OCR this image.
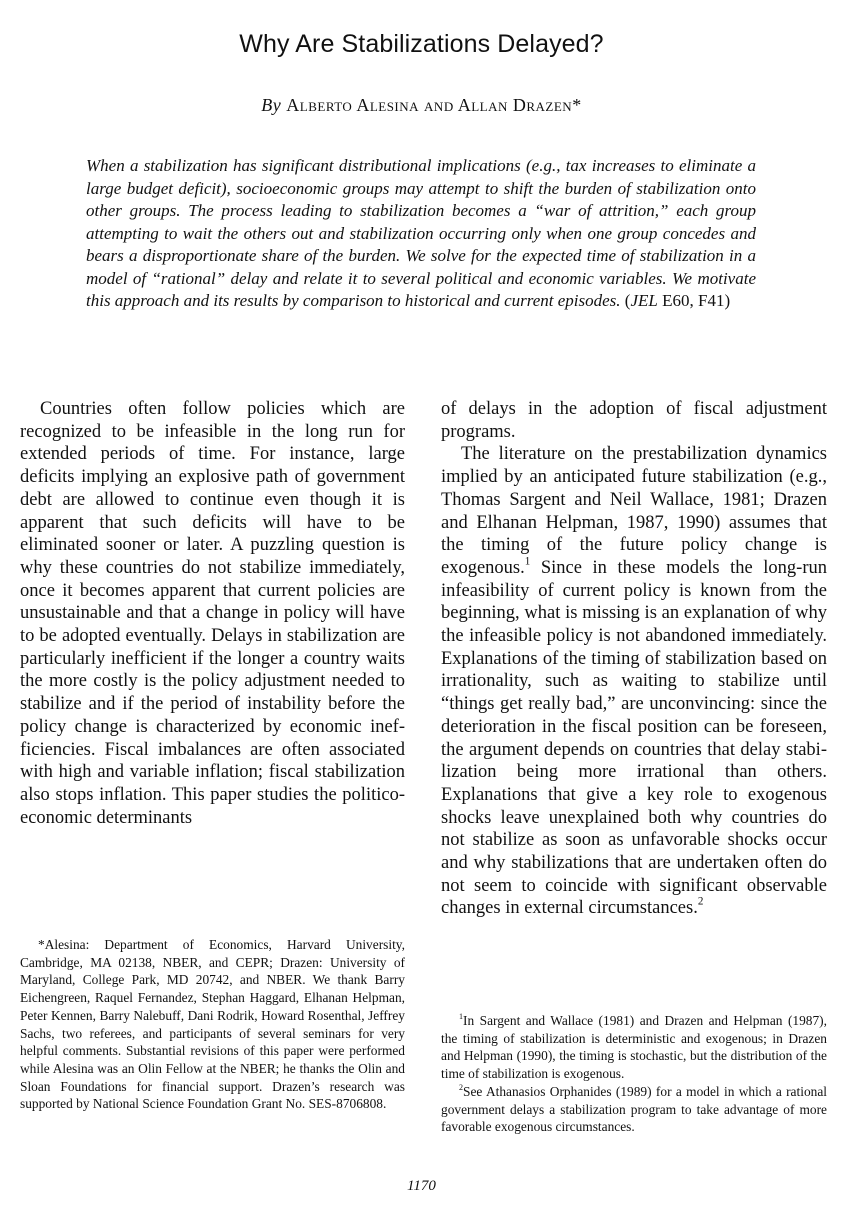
Why Are Stabilizations Delayed?
By Alberto Alesina and Allan Drazen*
When a stabilization has significant distributional implications (e.g., tax increases to eliminate a large budget deficit), socioeconomic groups may attempt to shift the burden of stabilization onto other groups. The process leading to stabilization becomes a “war of attrition,” each group attempting to wait the others out and stabilization occurring only when one group concedes and bears a disproportionate share of the burden. We solve for the expected time of stabilization in a model of “rational” delay and relate it to several political and economic variables. We motivate this approach and its results by comparison to historical and current episodes. (JEL E60, F41)

Countries often follow policies which are recognized to be infeasible in the long run for extended periods of time. For instance, large deficits implying an explosive path of government debt are allowed to continue even though it is apparent that such deficits will have to be eliminated sooner or later. A puzzling question is why these countries do not stabilize immediately, once it becomes apparent that current policies are unsustainable and that a change in policy will have to be adopted eventually. Delays in stabilization are particularly inefficient if the longer a country waits the more costly is the policy adjustment needed to stabilize and if the period of instability before the policy change is characterized by economic inefficiencies. Fiscal imbalances are often associated with high and variable inflation; fiscal stabilization also stops inflation. This paper studies the politico-economic determinants

of delays in the adoption of fiscal adjustment programs.

The literature on the prestabilization dynamics implied by an anticipated future stabilization (e.g., Thomas Sargent and Neil Wallace, 1981; Drazen and Elhanan Helpman, 1987, 1990) assumes that the timing of the future policy change is exogenous.$^1$ Since in these models the long-run infeasibility of current policy is known from the beginning, what is missing is an explanation of why the infeasible policy is not abandoned immediately. Explanations of the timing of stabilization based on irrationality, such as waiting to stabilize until “things get really bad,” are unconvincing: since the deterioration in the fiscal position can be foreseen, the argument depends on countries that delay stabilization being more irrational than others. Explanations that give a key role to exogenous shocks leave unexplained both why countries do not stabilize as soon as unfavorable shocks occur and why stabilizations that are undertaken often do not seem to coincide with significant observable changes in external circumstances.$^2$

*Alesina: Department of Economics, Harvard University, Cambridge, MA 02138, NBER, and CEPR; Drazen: University of Maryland, College Park, MD 20742, and NBER. We thank Barry Eichengreen, Raquel Fernandez, Stephan Haggard, Elhanan Helpman, Peter Kennen, Barry Nalebuff, Dani Rodrik, Howard Rosenthal, Jeffrey Sachs, two referees, and participants of several seminars for very helpful comments. Substantial revisions of this paper were performed while Alesina was an Olin Fellow at the NBER; he thanks the Olin and Sloan Foundations for financial support. Drazen’s research was supported by National Science Foundation Grant No. SES-8706808.

$^1$In Sargent and Wallace (1981) and Drazen and Helpman (1987), the timing of stabilization is deterministic and exogenous; in Drazen and Helpman (1990), the timing is stochastic, but the distribution of the time of stabilization is exogenous.

$^2$See Athanasios Orphanides (1989) for a model in which a rational government delays a stabilization program to take advantage of more favorable exogenous circumstances.

1170
